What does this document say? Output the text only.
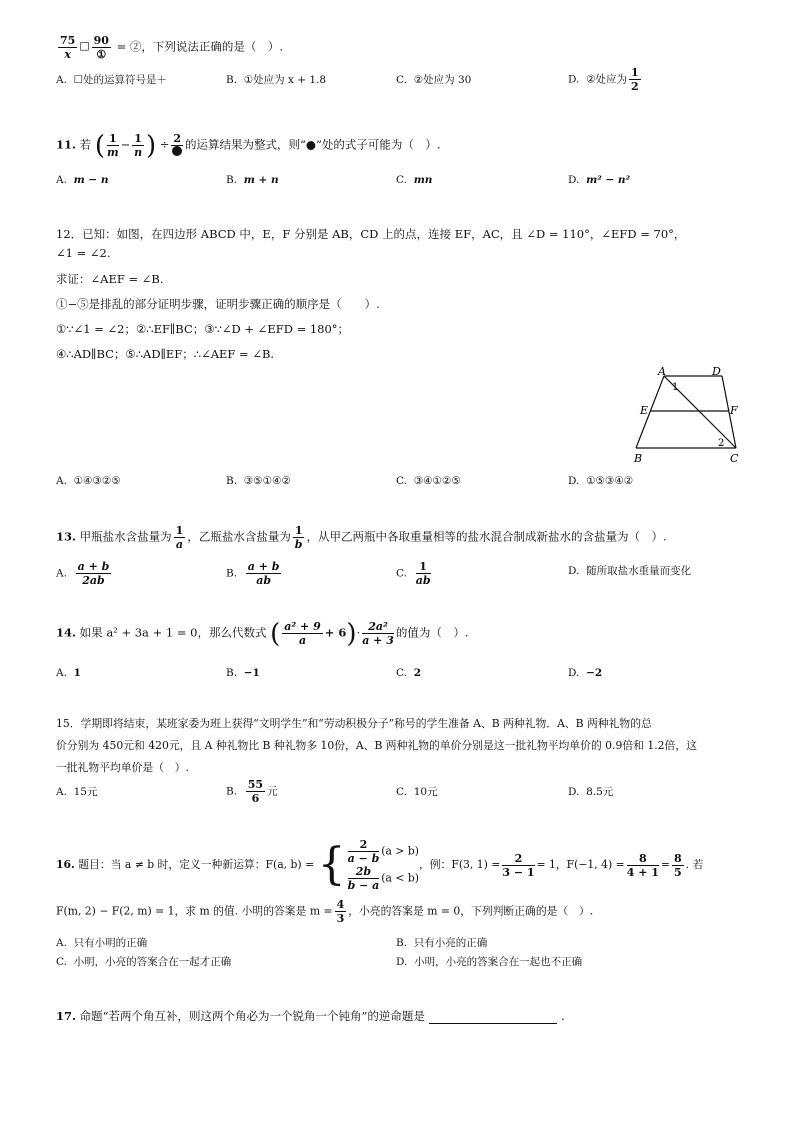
$\frac{75}{x}$ ☐ $\frac{90}{\text{①}}$ = ②，下列说法正确的是（　）.
A. ☐处的运算符号是＋	B. ①处应为 x + 1.8	C. ②处应为 30	D. ②处应为 $\frac{1}{2}$
11. 若 ( $\frac{1}{m} - \frac{1}{n}$ ) ÷ 2 的运算结果为整式，则“●”处的式子可能为（　）.
A. m − n	B. m + n	C. mn	D. m² − n²
12．已知：如图，在四边形 ABCD 中，E，F 分别是 AB，CD 上的点，连接 EF，AC，且 ∠D = 110°，∠EFD = 70°，
∠1 = ∠2.
求证：∠AEF = ∠B.
①−⑤是排乱的部分证明步骤，证明步骤正确的顺序是（　　）.
①∵∠1 = ∠2；②∴EF∥BC；③∵∠D + ∠EFD = 180°；
④∴AD∥BC；⑤∴AD∥EF；∴∠AEF = ∠B.
A	D
E	F
B	C
1
2
A. ①④③②⑤	B. ③⑤①④②	C. ③④①②⑤	D. ①⑤③④②
13. 甲瓶盐水含盐量为 $\frac{1}{a}$ ，乙瓶盐水含盐量为 $\frac{1}{b}$ ，从甲乙两瓶中各取重量相等的盐水混合制成新盐水的含盐量为（　）.
A. $\frac{a + b}{2ab}$	B. $\frac{a + b}{ab}$	C. $\frac{1}{ab}$	D. 随所取盐水重量而变化
14. 如果 a² + 3a + 1 = 0，那么代数式 ( $\frac{\text{a² + 9}}{a} + 6)\cdot \frac{\text{2a²}}{a + 3}$ 的值为（　）.
A. 1	B. −1	C. 2	D. −2
15．学期即将结束，某班家委为班上获得“文明学生”和“劳动积极分子”称号的学生准备 A、B 两种礼物．A、B 两种礼物的总
价分别为 450元和 420元，且 A 种礼物比 B 种礼物多 10份，A、B 两种礼物的单价分别是这一批礼物平均单价的 0.9倍和 1.2倍，这
一批礼物平均单价是（　）.
A. 15元	B. $\frac{55}{6}$ 元	C. 10元	D. 8.5元
16. 题目：当 a ≠ b 时，定义一种新运算：F(a, b) = { $\frac{2}{a - b} (a > b)$
$\frac{2b}{b - a} (a < b)$
，例：F(3, $1) = \frac{2}{3 - 1} = 1$，F(−1, $4) = \frac{8}{4 + 1} = \frac{8}{5}$ . 若
F(m, 2) − F(2, m) = 1，求 m 的值. 小明的答案是 $m = \frac{4}{3}$ ，小亮的答案是 m = 0，下列判断正确的是（　）.
A. 只有小明的正确	B. 只有小亮的正确
C. 小明，小亮的答案合在一起才正确	D. 小明，小亮的答案合在一起也不正确
17. 命题“若两个角互补，则这两个角必为一个锐角一个钝角”的逆命题是	.
